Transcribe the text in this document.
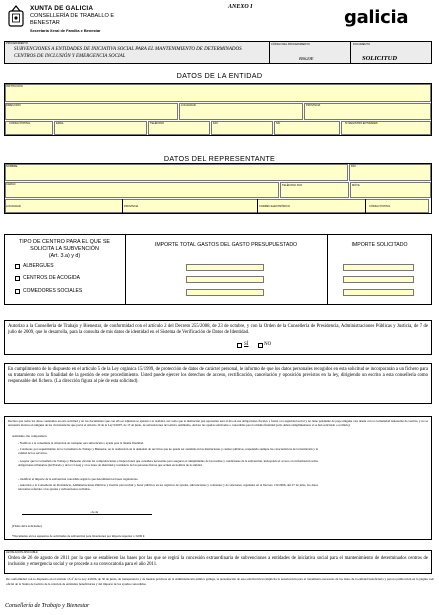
XUNTA DE GALICIA
CONSELLERÍA DE TRABALLO E
BENESTAR
Secretaría Xeral de Familia e Benestar
ANEXO I	galicia
PROCEDIMIENTO
SUBVENCIONES A ENTIDADES DE INICIATIVA SOCIAL PARA EL MANTENIMIENTO DE DETERMINADOS CENTROS DE INCLUSIÓN Y EMERGENCIA SOCIAL
CÓDIGO DEL PROCEDIMIENTO
BS620E
DOCUMENTO
SOLICITUD
DATOS DE LA ENTIDAD
INSTITUCIÓN
DIRECCIÓN	LOCALIDAD	PROVINCIA
CÓDIGO POSTAL	EMAIL	TELÉFONO	FAX	NIF	Nº REGISTRO ENTIDADES
DATOS DEL REPRESENTANTE
NOMBRE	DNI
CARGO	TELÉFONO FIJO	MÓVIL
LOCALIDAD	PROVINCIA	CORREO ELECTRÓNICO	CÓDIGO POSTAL
TIPO DE CENTRO PARA EL QUE SE
SOLICITA LA SUBVENCIÓN
(Art. 3.a) y d)
IMPORTE TOTAL GASTOS DEL GASTO PRESUPUESTADO	IMPORTE SOLICITADO
ALBERGUES
CENTROS DE ACOGIDA
COMEDORES SOCIALES
Autorizo a la Consellería de Trabajo y Bienestar, de conformidad con el artículo 2 del Decreto 255/2008, de 23 de octubre, y con la Orden de la Consellería de Presidencia, Administraciones Públicas y Justicia, de 7 de julio de 2009, que lo desarrolla, para la consulta de mis datos de identidad en el Sistema de Verificación de Datos de Identidad.
SÍ	NO
En cumplimiento de lo dispuesto en el artículo 5 de la Ley orgánica 15/1999, de protección de datos de carácter personal, le informo de que los datos personales recogidos en esta solicitud se incorporarán a un fichero para su tratamiento con la finalidad de la gestión de este procedimiento. Usted puede ejercer los derechos de acceso, rectificación, cancelación y oposición previstos en la ley, dirigiendo un escrito a esta consellería como responsable del fichero. (La dirección figura al pie de esta solicitud).
Declaro que todos los datos contenidos en esta solicitud y en los documentos que con ella se adjuntan se ajustan a la realidad, así como que la institución que represento está al día en sus obligaciones fiscales y frente a la seguridad social y no tiene pendiente de pago ninguna otra deuda con la Comunidad Autónoma de Galicia, y no se encuentra incursa en ninguna de las circunstancias que prevé el artículo 10 de la Ley 9/2007, de 13 de junio, de subvenciones de Galicia. Asimismo, declaro las ayudas solicitadas o concedidas para la misma finalidad (sólo deben cumplimentarse si se han solicitado o recibido):
Asimismo, me comprometo:
- Notificar a la consellería la obtención de cualquier otra subvención o ayuda para la misma finalidad.
- Colaborar, por requerimiento de la Consellería de Trabajo y Bienestar, en la realización de la demanda de servicios que no pueda ser atendida en las instituciones y centros públicos, respetando siempre las características de la institución y la calidad de los servicios.
- Aceptar que la Consellería de Trabajo y Bienestar efectúe las comprobaciones e inspecciones que considere necesarias para asegurar el cumplimiento de las normas y condiciones de la subvención, incluyendo el acceso a la información sobre obligaciones tributarias (del Estado y de la CCAA) y a los datos de identidad y residencia de las personas físicas que actúen en nombre de la entidad.
- Justificar el importe de la subvención concedida según lo que determinan las bases reguladoras.
- Autorizar a la Consellería de Presidencia, Administraciones Públicas y Justicia para incluir y hacer públicos en los registros de ayudas, subvenciones y convenios y de sanciones, regulados en el Decreto 132/2006, del 27 de julio, los datos relevantes referidos a las ayudas y subvenciones recibidas.
, de de
(Firma del/a solicitante)
*Documento en los supuestos de solicitudes de subvención para inversiones por importe superior a 3.000 €
LEXISLACIÓN APLICABLE
Orden de 26 de agosto de 2011 por la que se establecen las bases por las que se regirá la concesión extraordinaria de subvenciones a entidades de iniciativa social para el mantenimiento de determinados centros de inclusión y emergencia social y se procede a su convocatoria para el año 2011.
De conformidad con lo dispuesto en el artículo 13.4º de la Ley 4/2006, de 30 de junio, de transparencia y de buenas prácticas en la Administración pública gallega, la presentación de esta solicitud lleva implícita la autorización para el tratamiento necesario de los datos de la entidad beneficiaria y para la publicación en la página web oficial de la Xunta de Galicia de la relación de entidades beneficiarias y del importe de las ayudas concedidas.
Consellería de Trabajo y Bienestar
